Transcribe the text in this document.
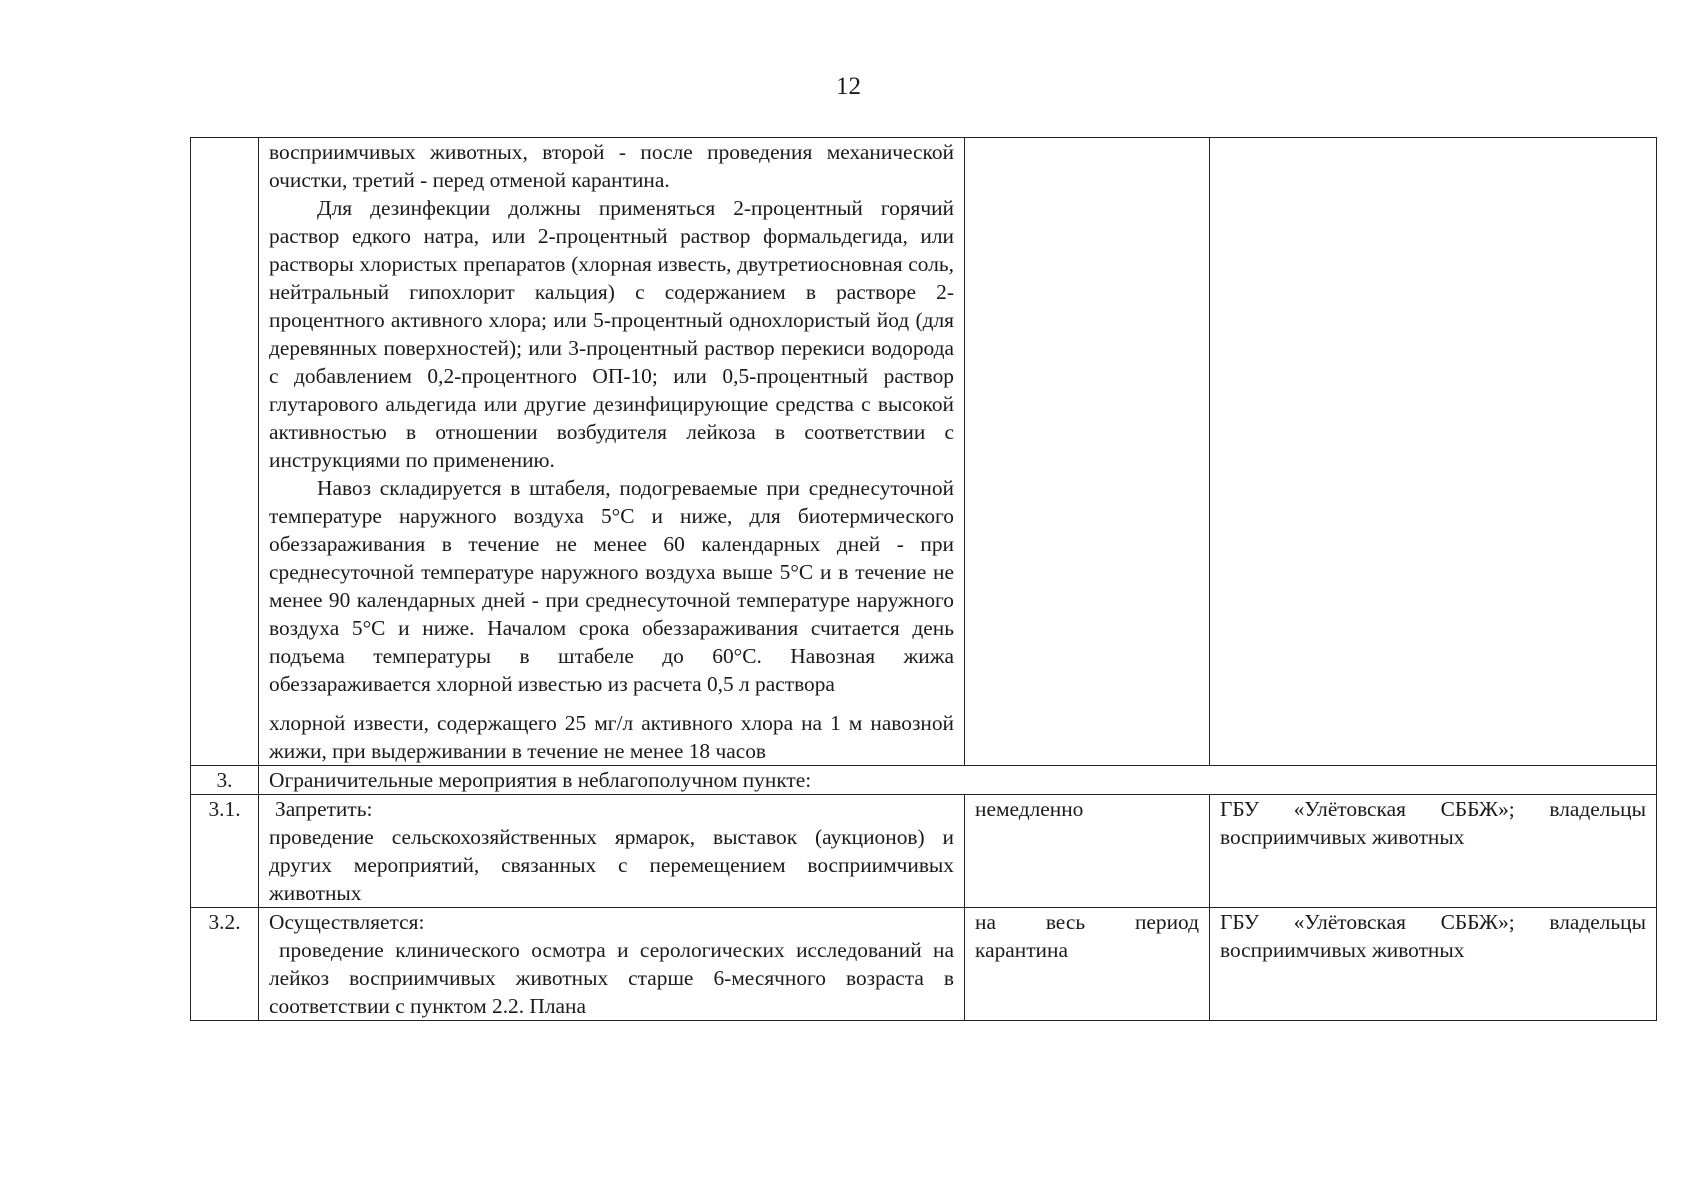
12

	восприимчивых животных, второй - после проведения механической очистки, третий - перед отменой карантина.

Для дезинфекции должны применяться 2-процентный горячий раствор едкого натра, или 2-процентный раствор формальдегида, или растворы хлористых препаратов (хлорная известь, двутретиосновная соль, нейтральный гипохлорит кальция) с содержанием в растворе 2-процентного активного хлора; или 5-процентный однохлористый йод (для деревянных поверхностей); или 3-процентный раствор перекиси водорода с добавлением 0,2-процентного ОП-10; или 0,5-процентный раствор глутарового альдегида или другие дезинфицирующие средства с высокой активностью в отношении возбудителя лейкоза в соответствии с инструкциями по применению.

Навоз складируется в штабеля, подогреваемые при среднесуточной температуре наружного воздуха 5°С и ниже, для биотермического обеззараживания в течение не менее 60 календарных дней - при среднесуточной температуре наружного воздуха выше 5°С и в течение не менее 90 календарных дней - при среднесуточной температуре наружного воздуха 5°С и ниже. Началом срока обеззараживания считается день подъема температуры в штабеле до 60°С. Навозная жижа обеззараживается хлорной известью из расчета 0,5 л раствора

хлорной извести, содержащего 25 мг/л активного хлора на 1 м навозной жижи, при выдерживании в течение не менее 18 часов		

3.	Ограничительные мероприятия в неблагополучном пункте:		
3.1.	Запретить:

проведение сельскохозяйственных ярмарок, выставок (аукционов) и других мероприятий, связанных с перемещением восприимчивых животных	немедленно	ГБУ «Улётовская СББЖ»; владельцы восприимчивых животных
3.2.	Осуществляется:

проведение клинического осмотра и серологических исследований на лейкоз восприимчивых животных старше 6-месячного возраста в соответствии с пунктом 2.2. Плана	на весь период карантина	ГБУ «Улётовская СББЖ»; владельцы восприимчивых животных
